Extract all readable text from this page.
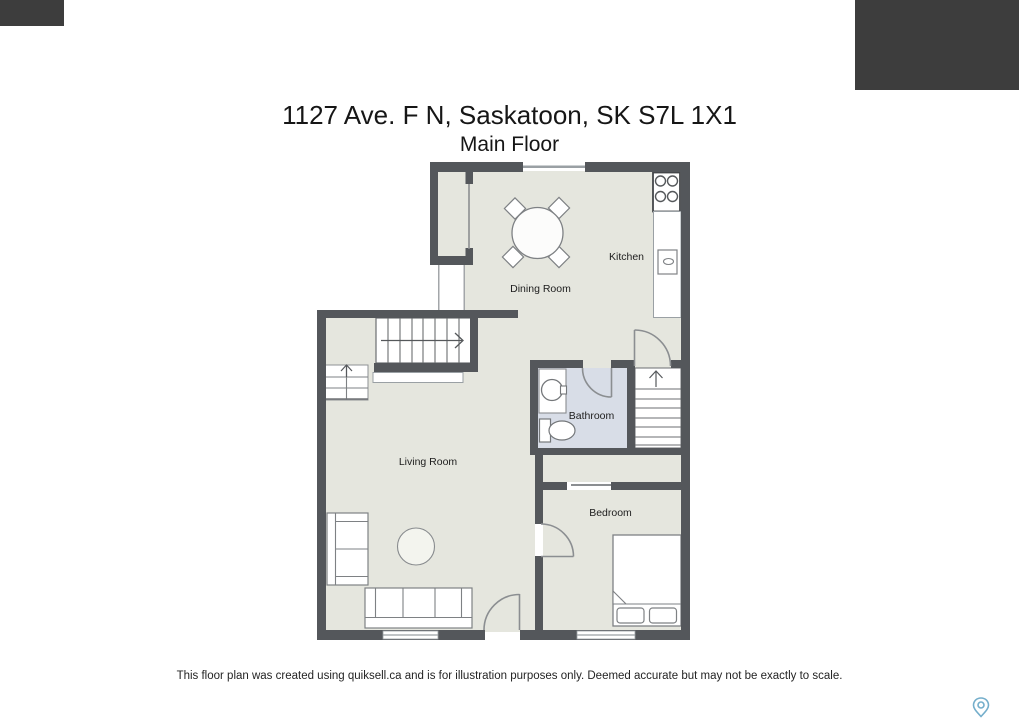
1127 Ave. F N, Saskatoon, SK S7L 1X1
Main Floor
Kitchen
Dining Room
Living Room
Bathroom
Bedroom
This floor plan was created using quiksell.ca and is for illustration purposes only. Deemed accurate but may not be exactly to scale.
